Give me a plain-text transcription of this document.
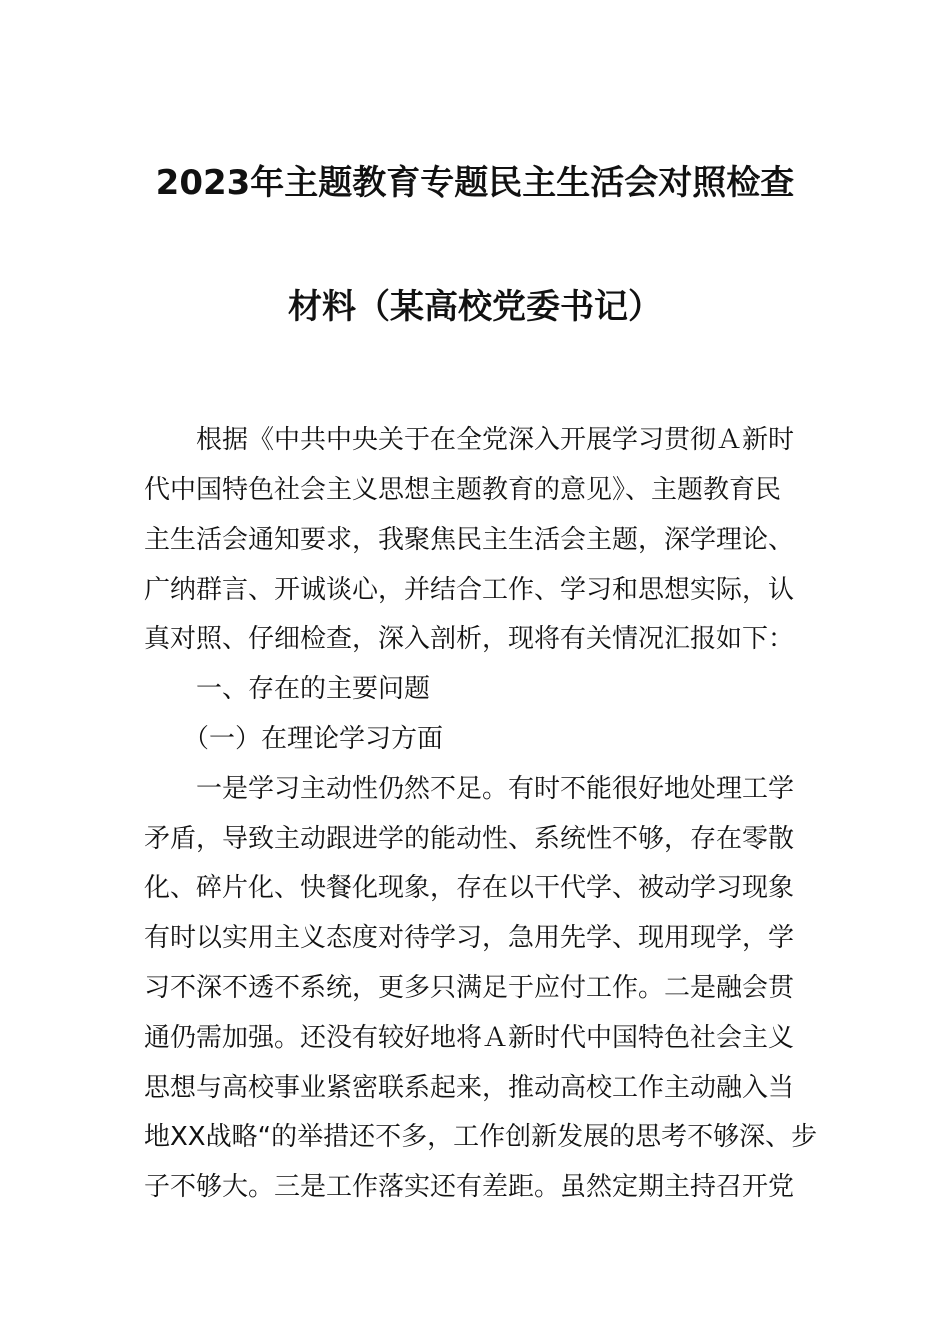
2023年主题教育专题民主生活会对照检查
材料（某高校党委书记）
　　根据《中共中央关于在全党深入开展学习贯彻Ａ新时
代中国特色社会主义思想主题教育的意见》、主题教育民
主生活会通知要求，我聚焦民主生活会主题，深学理论、
广纳群言、开诚谈心，并结合工作、学习和思想实际，认
真对照、仔细检查，深入剖析，现将有关情况汇报如下：
　　一、存在的主要问题
　　（一）在理论学习方面
　　一是学习主动性仍然不足。有时不能很好地处理工学
矛盾，导致主动跟进学的能动性、系统性不够，存在零散
化、碎片化、快餐化现象，存在以干代学、被动学习现象
有时以实用主义态度对待学习，急用先学、现用现学，学
习不深不透不系统，更多只满足于应付工作。二是融会贯
通仍需加强。还没有较好地将Ａ新时代中国特色社会主义
思想与高校事业紧密联系起来，推动高校工作主动融入当
地XX战略“的举措还不多，工作创新发展的思考不够深、步
子不够大。三是工作落实还有差距。虽然定期主持召开党
